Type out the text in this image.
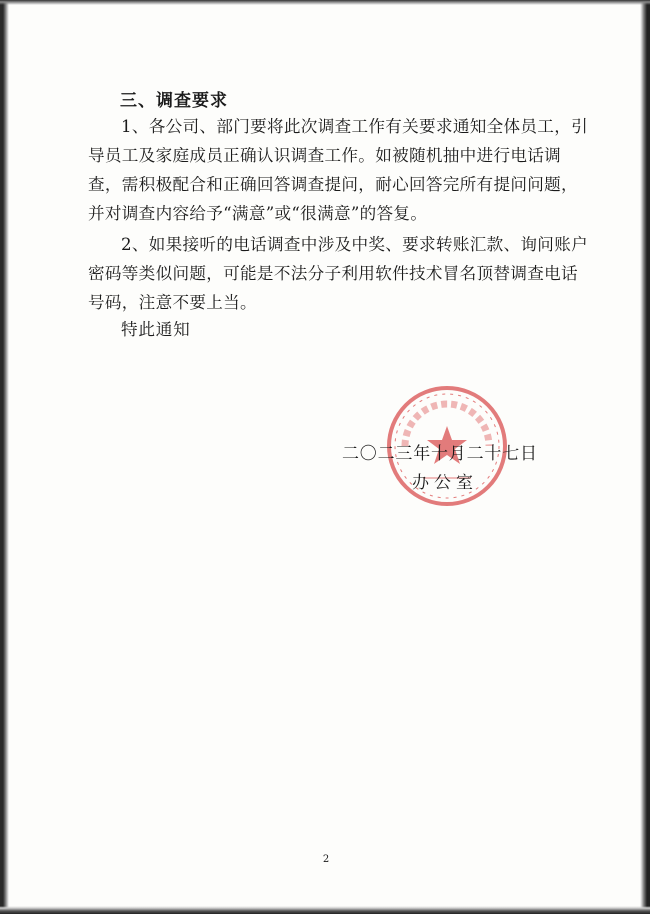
三、调查要求

1、各公司、部门要将此次调查工作有关要求通知全体员工，引导员工及家庭成员正确认识调查工作。如被随机抽中进行电话调查，需积极配合和正确回答调查提问，耐心回答完所有提问问题，并对调查内容给予“满意”或“很满意”的答复。

2、如果接听的电话调查中涉及中奖、要求转账汇款、询问账户密码等类似问题，可能是不法分子利用软件技术冒名顶替调查电话号码，注意不要上当。

特此通知
二〇二三年十月二十七日
办公室
2
